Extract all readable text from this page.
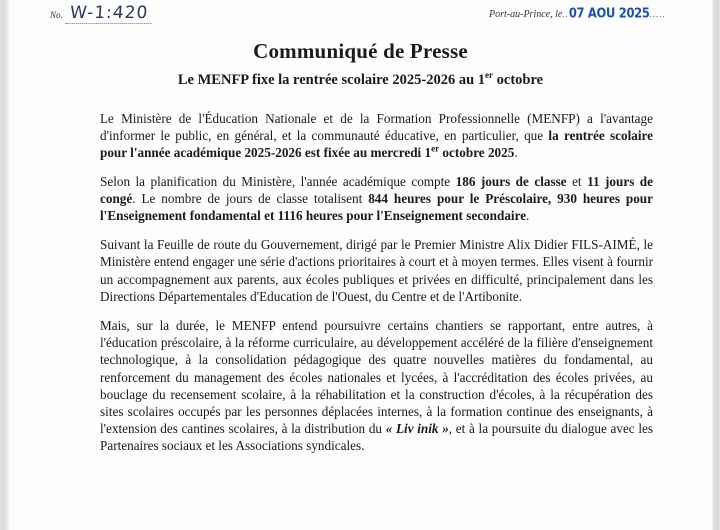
No. W-1:420	Port-au-Prince, le .. 07 AOU 2025 .....
Communiqué de Presse
Le MENFP fixe la rentrée scolaire 2025-2026 au 1er octobre

Le Ministère de l'Éducation Nationale et de la Formation Professionnelle (MENFP) a l'avantage d'informer le public, en général, et la communauté éducative, en particulier, que la rentrée scolaire pour l'année académique 2025-2026 est fixée au mercredi 1er octobre 2025.

Selon la planification du Ministère, l'année académique compte 186 jours de classe et 11 jours de congé. Le nombre de jours de classe totalisent 844 heures pour le Préscolaire, 930 heures pour l'Enseignement fondamental et 1116 heures pour l'Enseignement secondaire.

Suivant la Feuille de route du Gouvernement, dirigé par le Premier Ministre Alix Didier FILS-AIMÉ, le Ministère entend engager une série d'actions prioritaires à court et à moyen termes. Elles visent à fournir un accompagnement aux parents, aux écoles publiques et privées en difficulté, principalement dans les Directions Départementales d'Education de l'Ouest, du Centre et de l'Artibonite.

Mais, sur la durée, le MENFP entend poursuivre certains chantiers se rapportant, entre autres, à l'éducation préscolaire, à la réforme curriculaire, au développement accéléré de la filière d'enseignement technologique, à la consolidation pédagogique des quatre nouvelles matières du fondamental, au renforcement du management des écoles nationales et lycées, à l'accréditation des écoles privées, au bouclage du recensement scolaire, à la réhabilitation et la construction d'écoles, à la récupération des sites scolaires occupés par les personnes déplacées internes, à la formation continue des enseignants, à l'extension des cantines scolaires, à la distribution du « Liv inik », et à la poursuite du dialogue avec les Partenaires sociaux et les Associations syndicales.
